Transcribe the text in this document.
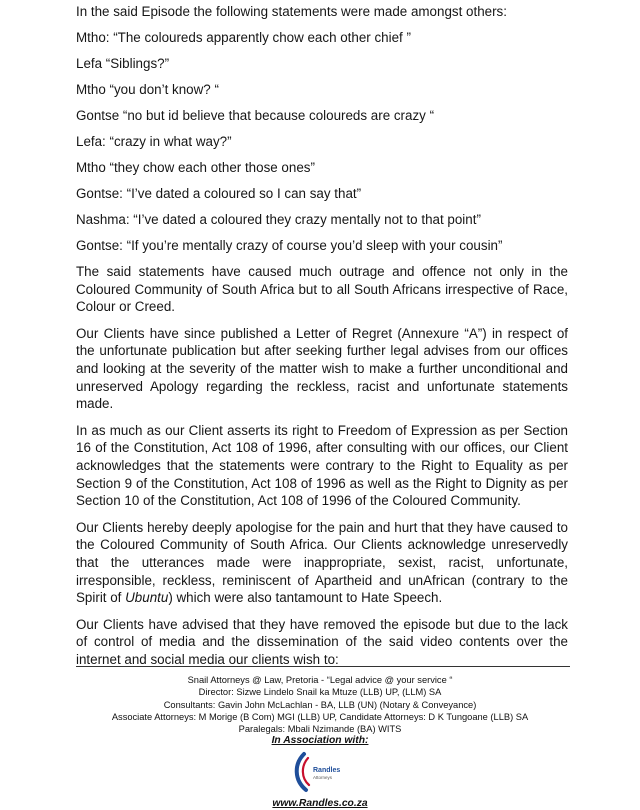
In the said Episode the following statements were made amongst others:

Mtho: “The coloureds apparently chow each other chief ”

Lefa “Siblings?”

Mtho “you don’t know? “

Gontse “no but id believe that because coloureds are crazy “

Lefa: “crazy in what way?”

Mtho “they chow each other those ones”

Gontse: “I’ve dated a coloured so I can say that”

Nashma: “I’ve dated a coloured they crazy mentally not to that point”

Gontse: “If you’re mentally crazy of course you’d sleep with your cousin”

The said statements have caused much outrage and offence not only in the Coloured Community of South Africa but to all South Africans irrespective of Race, Colour or Creed.

Our Clients have since published a Letter of Regret (Annexure “A”) in respect of the unfortunate publication but after seeking further legal advises from our offices and looking at the severity of the matter wish to make a further unconditional and unreserved Apology regarding the reckless, racist and unfortunate statements made.

In as much as our Client asserts its right to Freedom of Expression as per Section 16 of the Constitution, Act 108 of 1996, after consulting with our offices, our Client acknowledges that the statements were contrary to the Right to Equality as per Section 9 of the Constitution, Act 108 of 1996 as well as the Right to Dignity as per Section 10 of the Constitution, Act 108 of 1996 of the Coloured Community.

Our Clients hereby deeply apologise for the pain and hurt that they have caused to the Coloured Community of South Africa. Our Clients acknowledge unreservedly that the utterances made were inappropriate, sexist, racist, unfortunate, irresponsible, reckless, reminiscent of Apartheid and unAfrican (contrary to the Spirit of Ubuntu) which were also tantamount to Hate Speech.

Our Clients have advised that they have removed the episode but due to the lack of control of media and the dissemination of the said video contents over the internet and social media our clients wish to:

Snail Attorneys @ Law, Pretoria - “Legal advice @ your service “
Director: Sizwe Lindelo Snail ka Mtuze (LLB) UP, (LLM) SA
Consultants: Gavin John McLachlan - BA, LLB (UN) (Notary & Conveyance)
Associate Attorneys: M Morige (B Com) MGI (LLB) UP, Candidate Attorneys: D K Tungoane (LLB) SA
Paralegals: Mbali Nzimande (BA) WITS
In Association with:
Randles
Attorneys
www.Randles.co.za
